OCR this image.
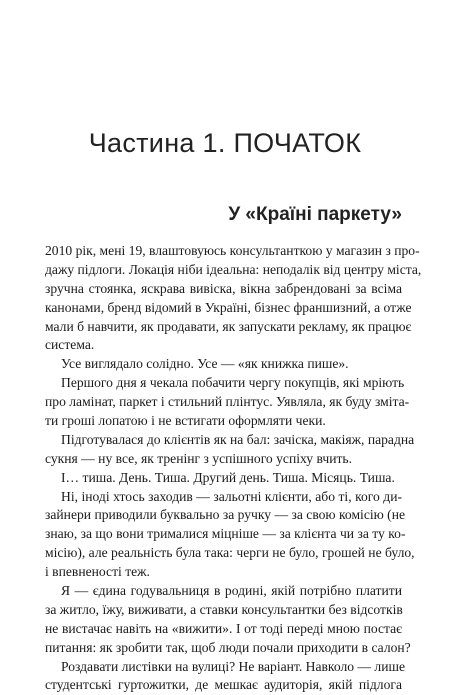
Частина 1. ПОЧАТОК
У «Країні паркету»
2010 рік, мені 19, влаштовуюсь консультанткою у магазин з про-
дажу підлоги. Локація ніби ідеальна: неподалік від центру міста,
зручна стоянка, яскрава вивіска, вікна забрендовані за всіма
канонами, бренд відомий в Україні, бізнес франшизний, а отже
мали б навчити, як продавати, як запускати рекламу, як працює
система.
Усе виглядало солідно. Усе — «як книжка пише».
Першого дня я чекала побачити чергу покупців, які мріють
про ламінат, паркет і стильний плінтус. Уявляла, як буду зміта-
ти гроші лопатою і не встигати оформляти чеки.
Підготувалася до клієнтів як на бал: зачіска, макіяж, парадна
сукня — ну все, як тренінг з успішного успіху вчить.
І… тиша. День. Тиша. Другий день. Тиша. Місяць. Тиша.
Ні, іноді хтось заходив — зальотні клієнти, або ті, кого ди-
зайнери приводили буквально за ручку — за свою комісію (не
знаю, за що вони трималися міцніше — за клієнта чи за ту ко-
місію), але реальність була така: черги не було, грошей не було,
і впевненості теж.
Я — єдина годувальниця в родині, якій потрібно платити
за житло, їжу, виживати, а ставки консультантки без відсотків
не вистачає навіть на «вижити». І от тоді переді мною постає
питання: як зробити так, щоб люди почали приходити в салон?
Роздавати листівки на вулиці? Не варіант. Навколо — лише
студентські гуртожитки, де мешкає аудиторія, якій підлога
